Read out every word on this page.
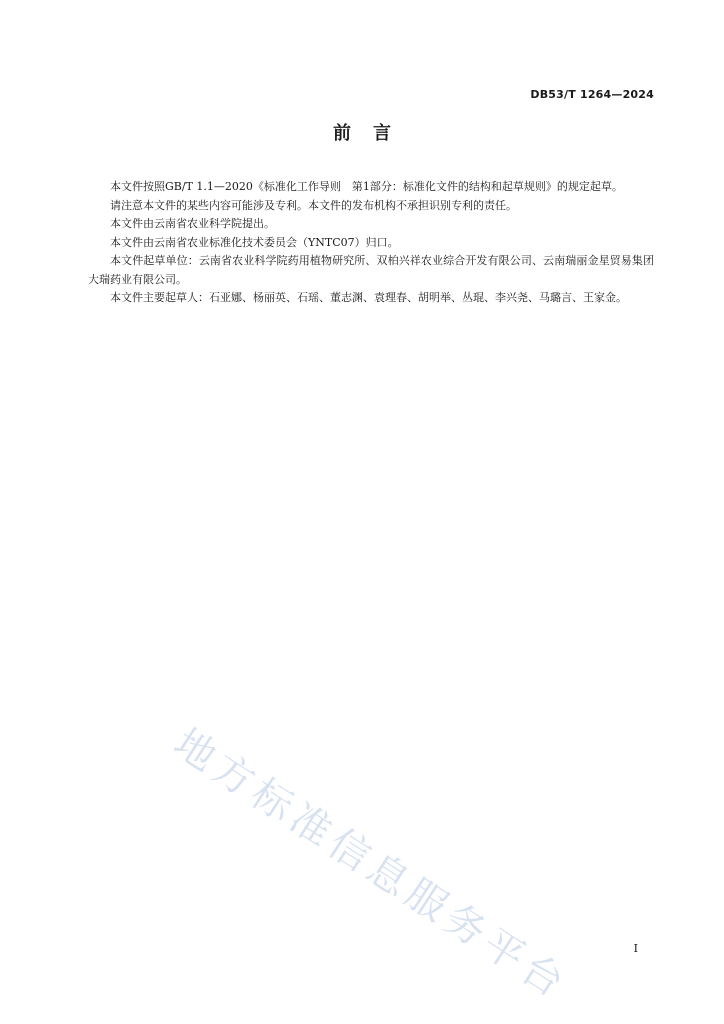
DB53/T 1264—2024
前言

本文件按照GB/T 1.1—2020《标准化工作导则　第1部分：标准化文件的结构和起草规则》的规定起草。

请注意本文件的某些内容可能涉及专利。本文件的发布机构不承担识别专利的责任。

本文件由云南省农业科学院提出。

本文件由云南省农业标准化技术委员会（YNTC07）归口。

本文件起草单位：云南省农业科学院药用植物研究所、双柏兴祥农业综合开发有限公司、云南瑞丽金星贸易集团大瑞药业有限公司。

本文件主要起草人：石亚娜、杨丽英、石瑶、董志渊、袁理春、胡明举、丛琨、李兴尧、马璐言、王家金。

地方标准信息服务平台	I
